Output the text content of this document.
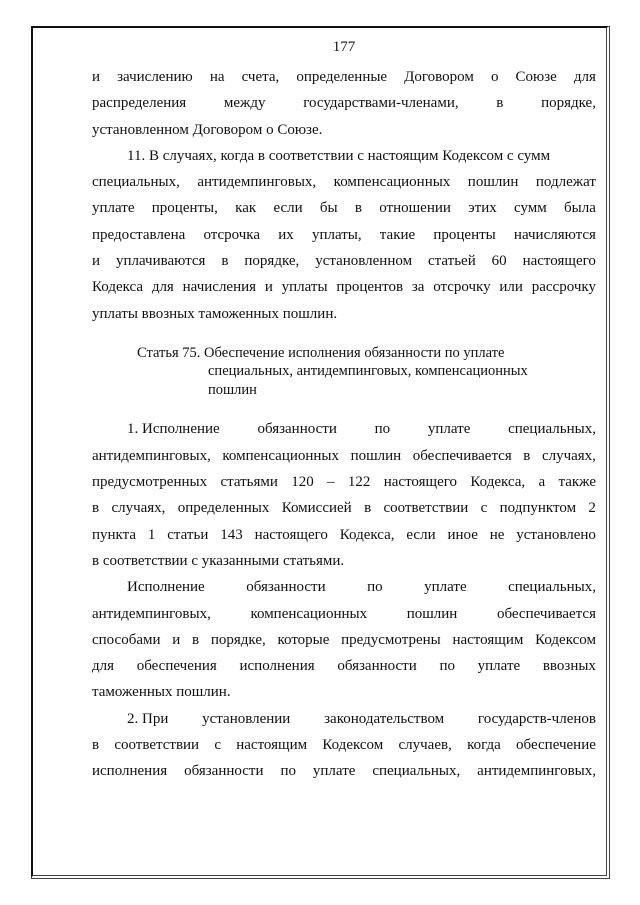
177
и зачислению на счета, определенные Договором о Союзе для
распределения	между	государствами-членами,	в	порядке,
установленном Договором о Союзе.
11. В случаях, когда в соответствии с настоящим Кодексом с сумм
специальных, антидемпинговых, компенсационных пошлин подлежат
уплате проценты, как если бы в отношении этих сумм была
предоставлена отсрочка их уплаты, такие проценты начисляются
и уплачиваются в порядке, установленном статьей 60 настоящего
Кодекса для начисления и уплаты процентов за отсрочку или рассрочку
уплаты ввозных таможенных пошлин.
Статья 75. Обеспечение исполнения обязанности по уплате
специальных, антидемпинговых, компенсационных
пошлин
1. Исполнение	обязанности	по	уплате	специальных,
антидемпинговых, компенсационных пошлин обеспечивается в случаях,
предусмотренных статьями 120 – 122 настоящего Кодекса, а также
в случаях, определенных Комиссией в соответствии с подпунктом 2
пункта 1 статьи 143 настоящего Кодекса, если иное не установлено
в соответствии с указанными статьями.
Исполнение	обязанности	по	уплате	специальных,
антидемпинговых,	компенсационных	пошлин	обеспечивается
способами и в порядке, которые предусмотрены настоящим Кодексом
для обеспечения исполнения обязанности по уплате ввозных
таможенных пошлин.
2. При установлении законодательством государств-членов
в соответствии с настоящим Кодексом случаев, когда обеспечение
исполнения обязанности по уплате специальных, антидемпинговых,
